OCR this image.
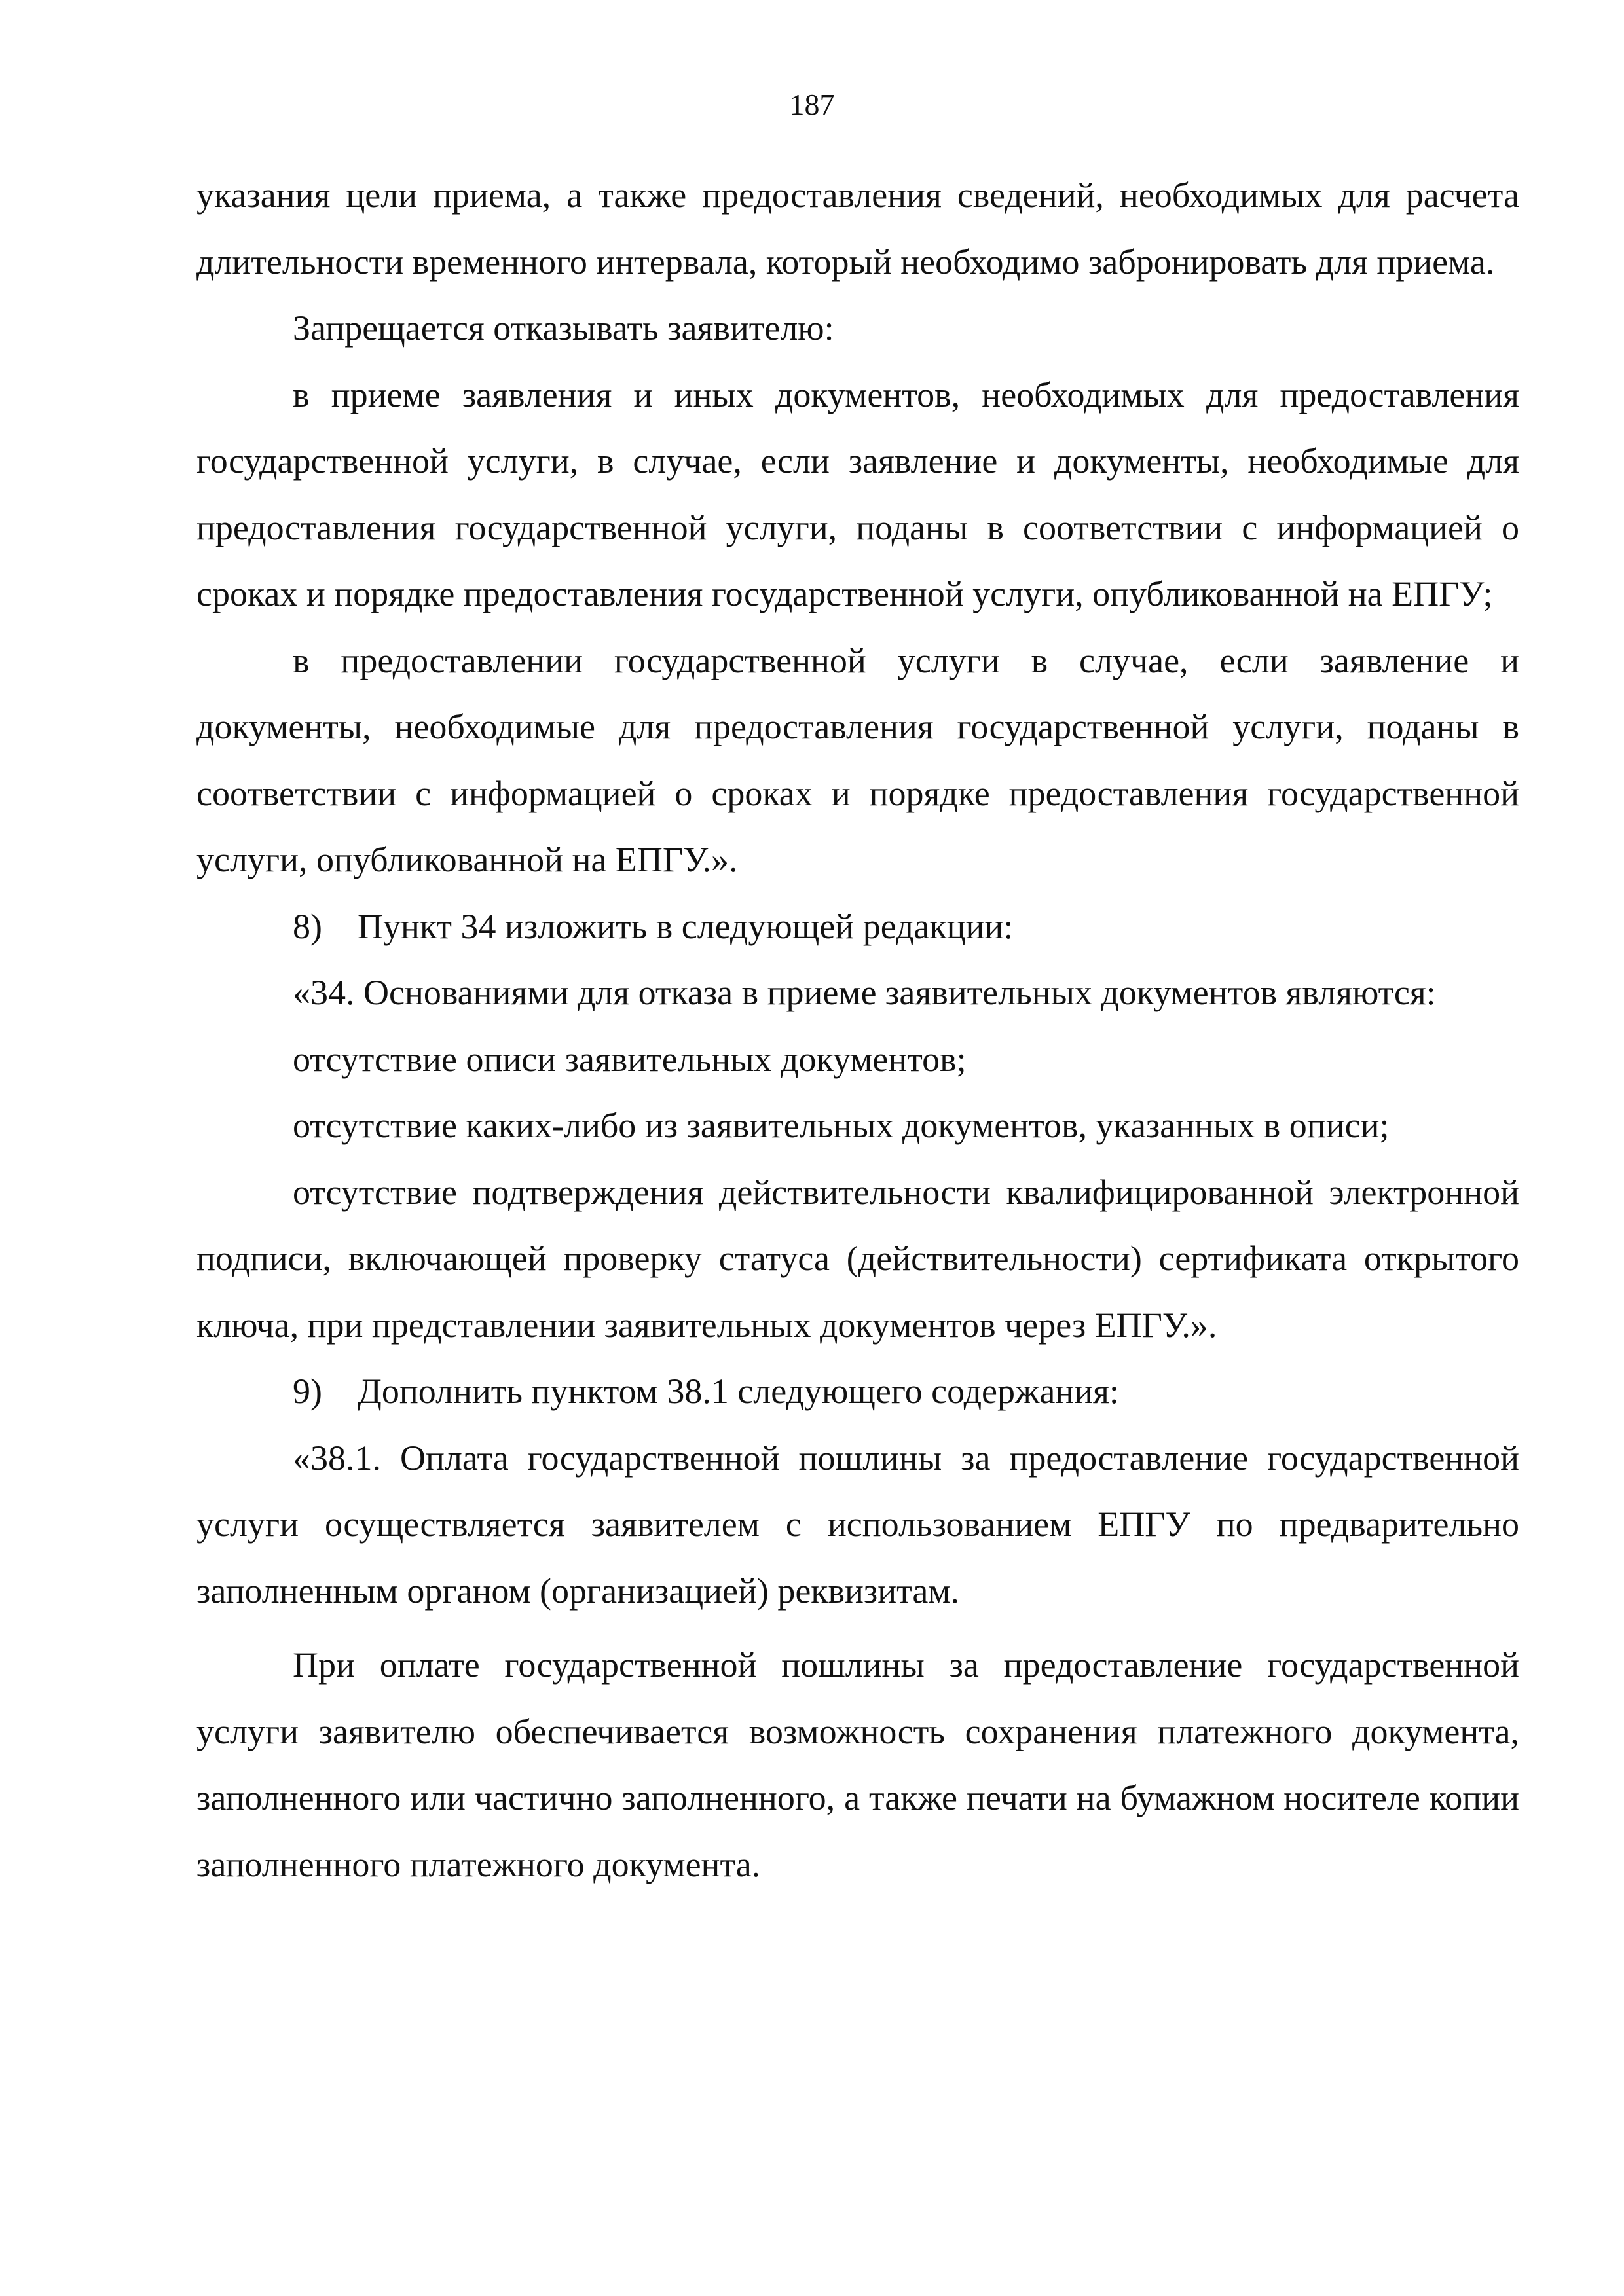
187

указания цели приема, а также предоставления сведений, необходимых для расчета длительности временного интервала, который необходимо забронировать для приема.

Запрещается отказывать заявителю:

в приеме заявления и иных документов, необходимых для предоставления государственной услуги, в случае, если заявление и документы, необходимые для предоставления государственной услуги, поданы в соответствии с информацией о сроках и порядке предоставления государственной услуги, опубликованной на ЕПГУ;

в предоставлении государственной услуги в случае, если заявление и документы, необходимые для предоставления государственной услуги, поданы в соответствии с информацией о сроках и порядке предоставления государственной услуги, опубликованной на ЕПГУ.».

8) Пункт 34 изложить в следующей редакции:

«34. Основаниями для отказа в приеме заявительных документов являются:

отсутствие описи заявительных документов;

отсутствие каких-либо из заявительных документов, указанных в описи;

отсутствие подтверждения действительности квалифицированной электронной подписи, включающей проверку статуса (действительности) сертификата открытого ключа, при представлении заявительных документов через ЕПГУ.».

9) Дополнить пунктом 38.1 следующего содержания:

«38.1. Оплата государственной пошлины за предоставление государственной услуги осуществляется заявителем с использованием ЕПГУ по предварительно заполненным органом (организацией) реквизитам.

При оплате государственной пошлины за предоставление государственной услуги заявителю обеспечивается возможность сохранения платежного документа, заполненного или частично заполненного, а также печати на бумажном носителе копии заполненного платежного документа.
